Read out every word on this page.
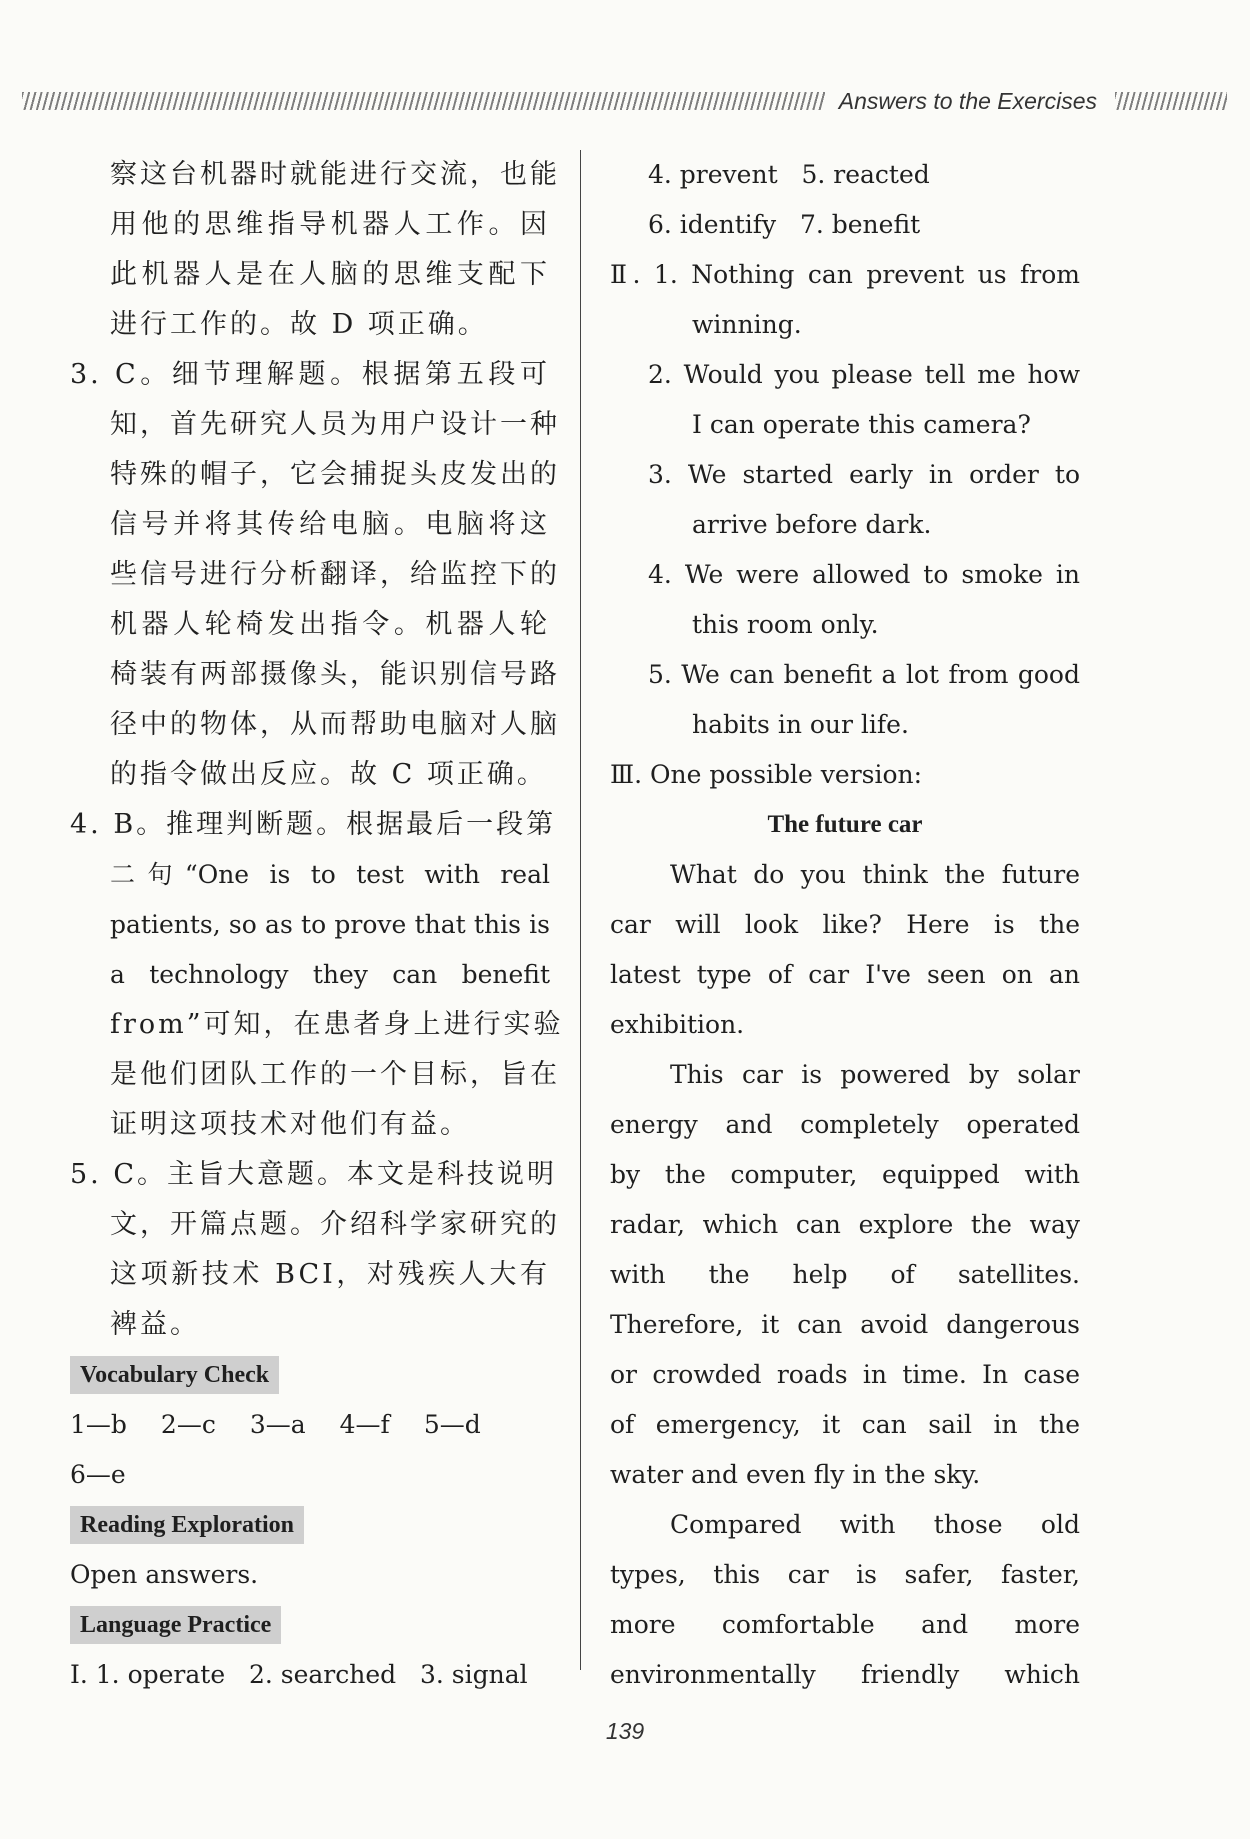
Answers to the Exercises
察这台机器时就能进行交流，也能
用他的思维指导机器人工作。因
此机器人是在人脑的思维支配下
进行工作的。故 D 项正确。
3. C。细节理解题。根据第五段可
知，首先研究人员为用户设计一种
特殊的帽子，它会捕捉头皮发出的
信号并将其传给电脑。电脑将这
些信号进行分析翻译，给监控下的
机器人轮椅发出指令。机器人轮
椅装有两部摄像头，能识别信号路
径中的物体，从而帮助电脑对人脑
的指令做出反应。故 C 项正确。
4. B。推理判断题。根据最后一段第
二句“One is to test with real
patients, so as to prove that this is
a technology they can benefit
from”可知，在患者身上进行实验
是他们团队工作的一个目标，旨在
证明这项技术对他们有益。
5. C。主旨大意题。本文是科技说明
文，开篇点题。介绍科学家研究的
这项新技术 BCI，对残疾人大有
裨益。
Vocabulary Check
1—b 2—c 3—a 4—f 5—d
6—e
Reading Exploration
Open answers.
Language Practice
Ⅰ. 1. operate   2. searched   3. signal
4. prevent   5. reacted
6. identify   7. benefit
Ⅱ. 1. Nothing can prevent us from
winning.
2. Would you please tell me how
I can operate this camera?
3. We started early in order to
arrive before dark.
4. We were allowed to smoke in
this room only.
5. We can benefit a lot from good
habits in our life.
Ⅲ. One possible version:
The future car
What do you think the future
car will look like? Here is the
latest type of car I've seen on an
exhibition.
This car is powered by solar
energy and completely operated
by the computer, equipped with
radar, which can explore the way
with the help of satellites.
Therefore, it can avoid dangerous
or crowded roads in time. In case
of emergency, it can sail in the
water and even fly in the sky.
Compared with those old
types, this car is safer, faster,
more comfortable and more
environmentally friendly which
139
